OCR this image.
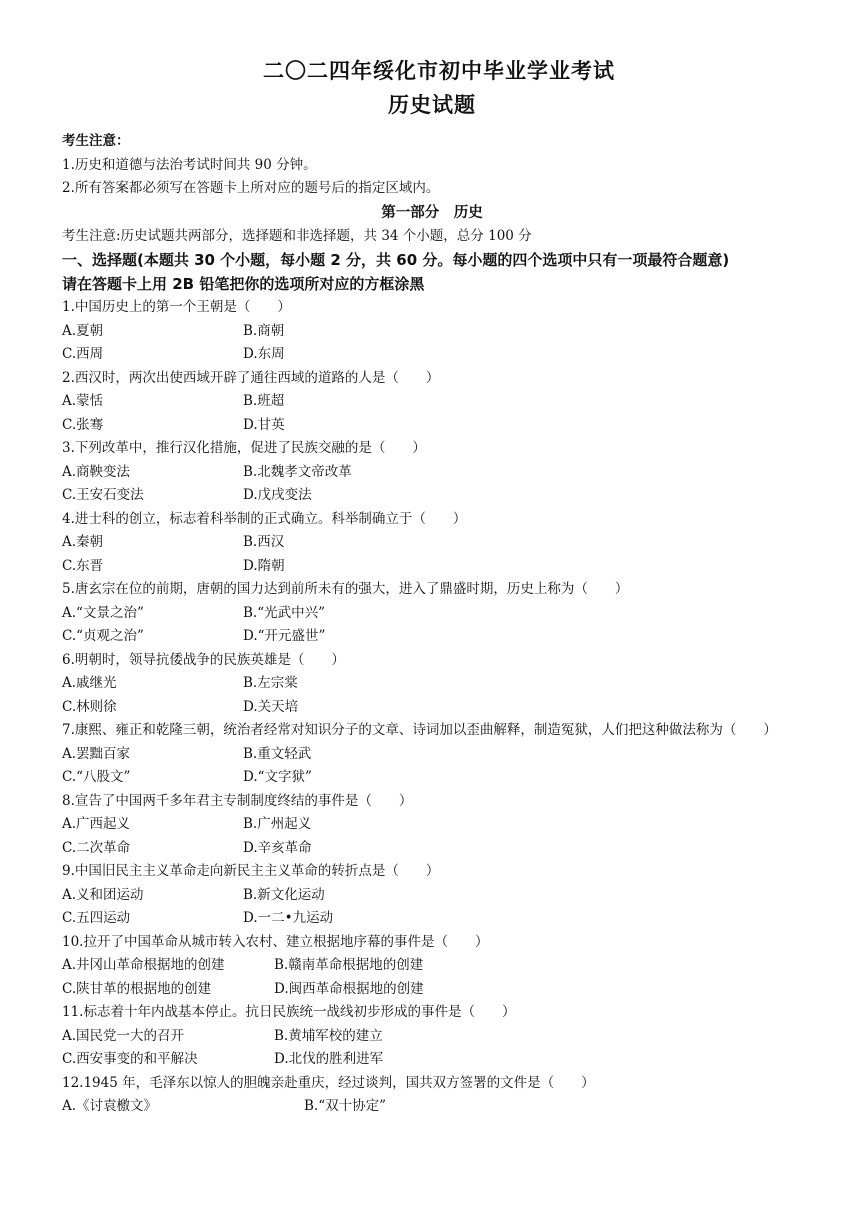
二〇二四年绥化市初中毕业学业考试
历史试题
考生注意：
1.历史和道德与法治考试时间共 90 分钟。
2.所有答案都必须写在答题卡上所对应的题号后的指定区域内。
第一部分　历史
考生注意:历史试题共两部分，选择题和非选择题，共 34 个小题，总分 100 分
一、选择题(本题共 30 个小题，每小题 2 分，共 60 分。每小题的四个选项中只有一项最符合题意)
请在答题卡上用 2B 铅笔把你的选项所对应的方框涂黑
1.中国历史上的第一个王朝是（　　）
A.夏朝	B.商朝
C.西周	D.东周
2.西汉时，两次出使西域开辟了通往西域的道路的人是（　　）
A.蒙恬	B.班超
C.张骞	D.甘英
3.下列改革中，推行汉化措施，促进了民族交融的是（　　）
A.商鞅变法	B.北魏孝文帝改革
C.王安石变法	D.戊戌变法
4.进士科的创立，标志着科举制的正式确立。科举制确立于（　　）
A.秦朝	B.西汉
C.东晋	D.隋朝
5.唐玄宗在位的前期，唐朝的国力达到前所未有的强大，进入了鼎盛时期，历史上称为（　　）
A.“文景之治”	B.“光武中兴”
C.“贞观之治”	D.“开元盛世”
6.明朝时，领导抗倭战争的民族英雄是（　　）
A.戚继光	B.左宗棠
C.林则徐	D.关天培
7.康熙、雍正和乾隆三朝，统治者经常对知识分子的文章、诗词加以歪曲解释，制造冤狱，人们把这种做法称为（　　）
A.罢黜百家	B.重文轻武
C.“八股文”	D.“文字狱”
8.宣告了中国两千多年君主专制制度终结的事件是（　　）
A.广西起义	B.广州起义
C.二次革命	D.辛亥革命
9.中国旧民主主义革命走向新民主主义革命的转折点是（　　）
A.义和团运动	B.新文化运动
C.五四运动	D.一二•九运动
10.拉开了中国革命从城市转入农村、建立根据地序幕的事件是（　　）
A.井冈山革命根据地的创建	B.赣南革命根据地的创建
C.陕甘革的根据地的创建	D.闽西革命根据地的创建
11.标志着十年内战基本停止。抗日民族统一战线初步形成的事件是（　　）
A.国民党一大的召开	B.黄埔军校的建立
C.西安事变的和平解决	D.北伐的胜利进军
12.1945 年，毛泽东以惊人的胆魄亲赴重庆，经过谈判，国共双方签署的文件是（　　）
A.《讨袁檄文》	B.“双十协定”
